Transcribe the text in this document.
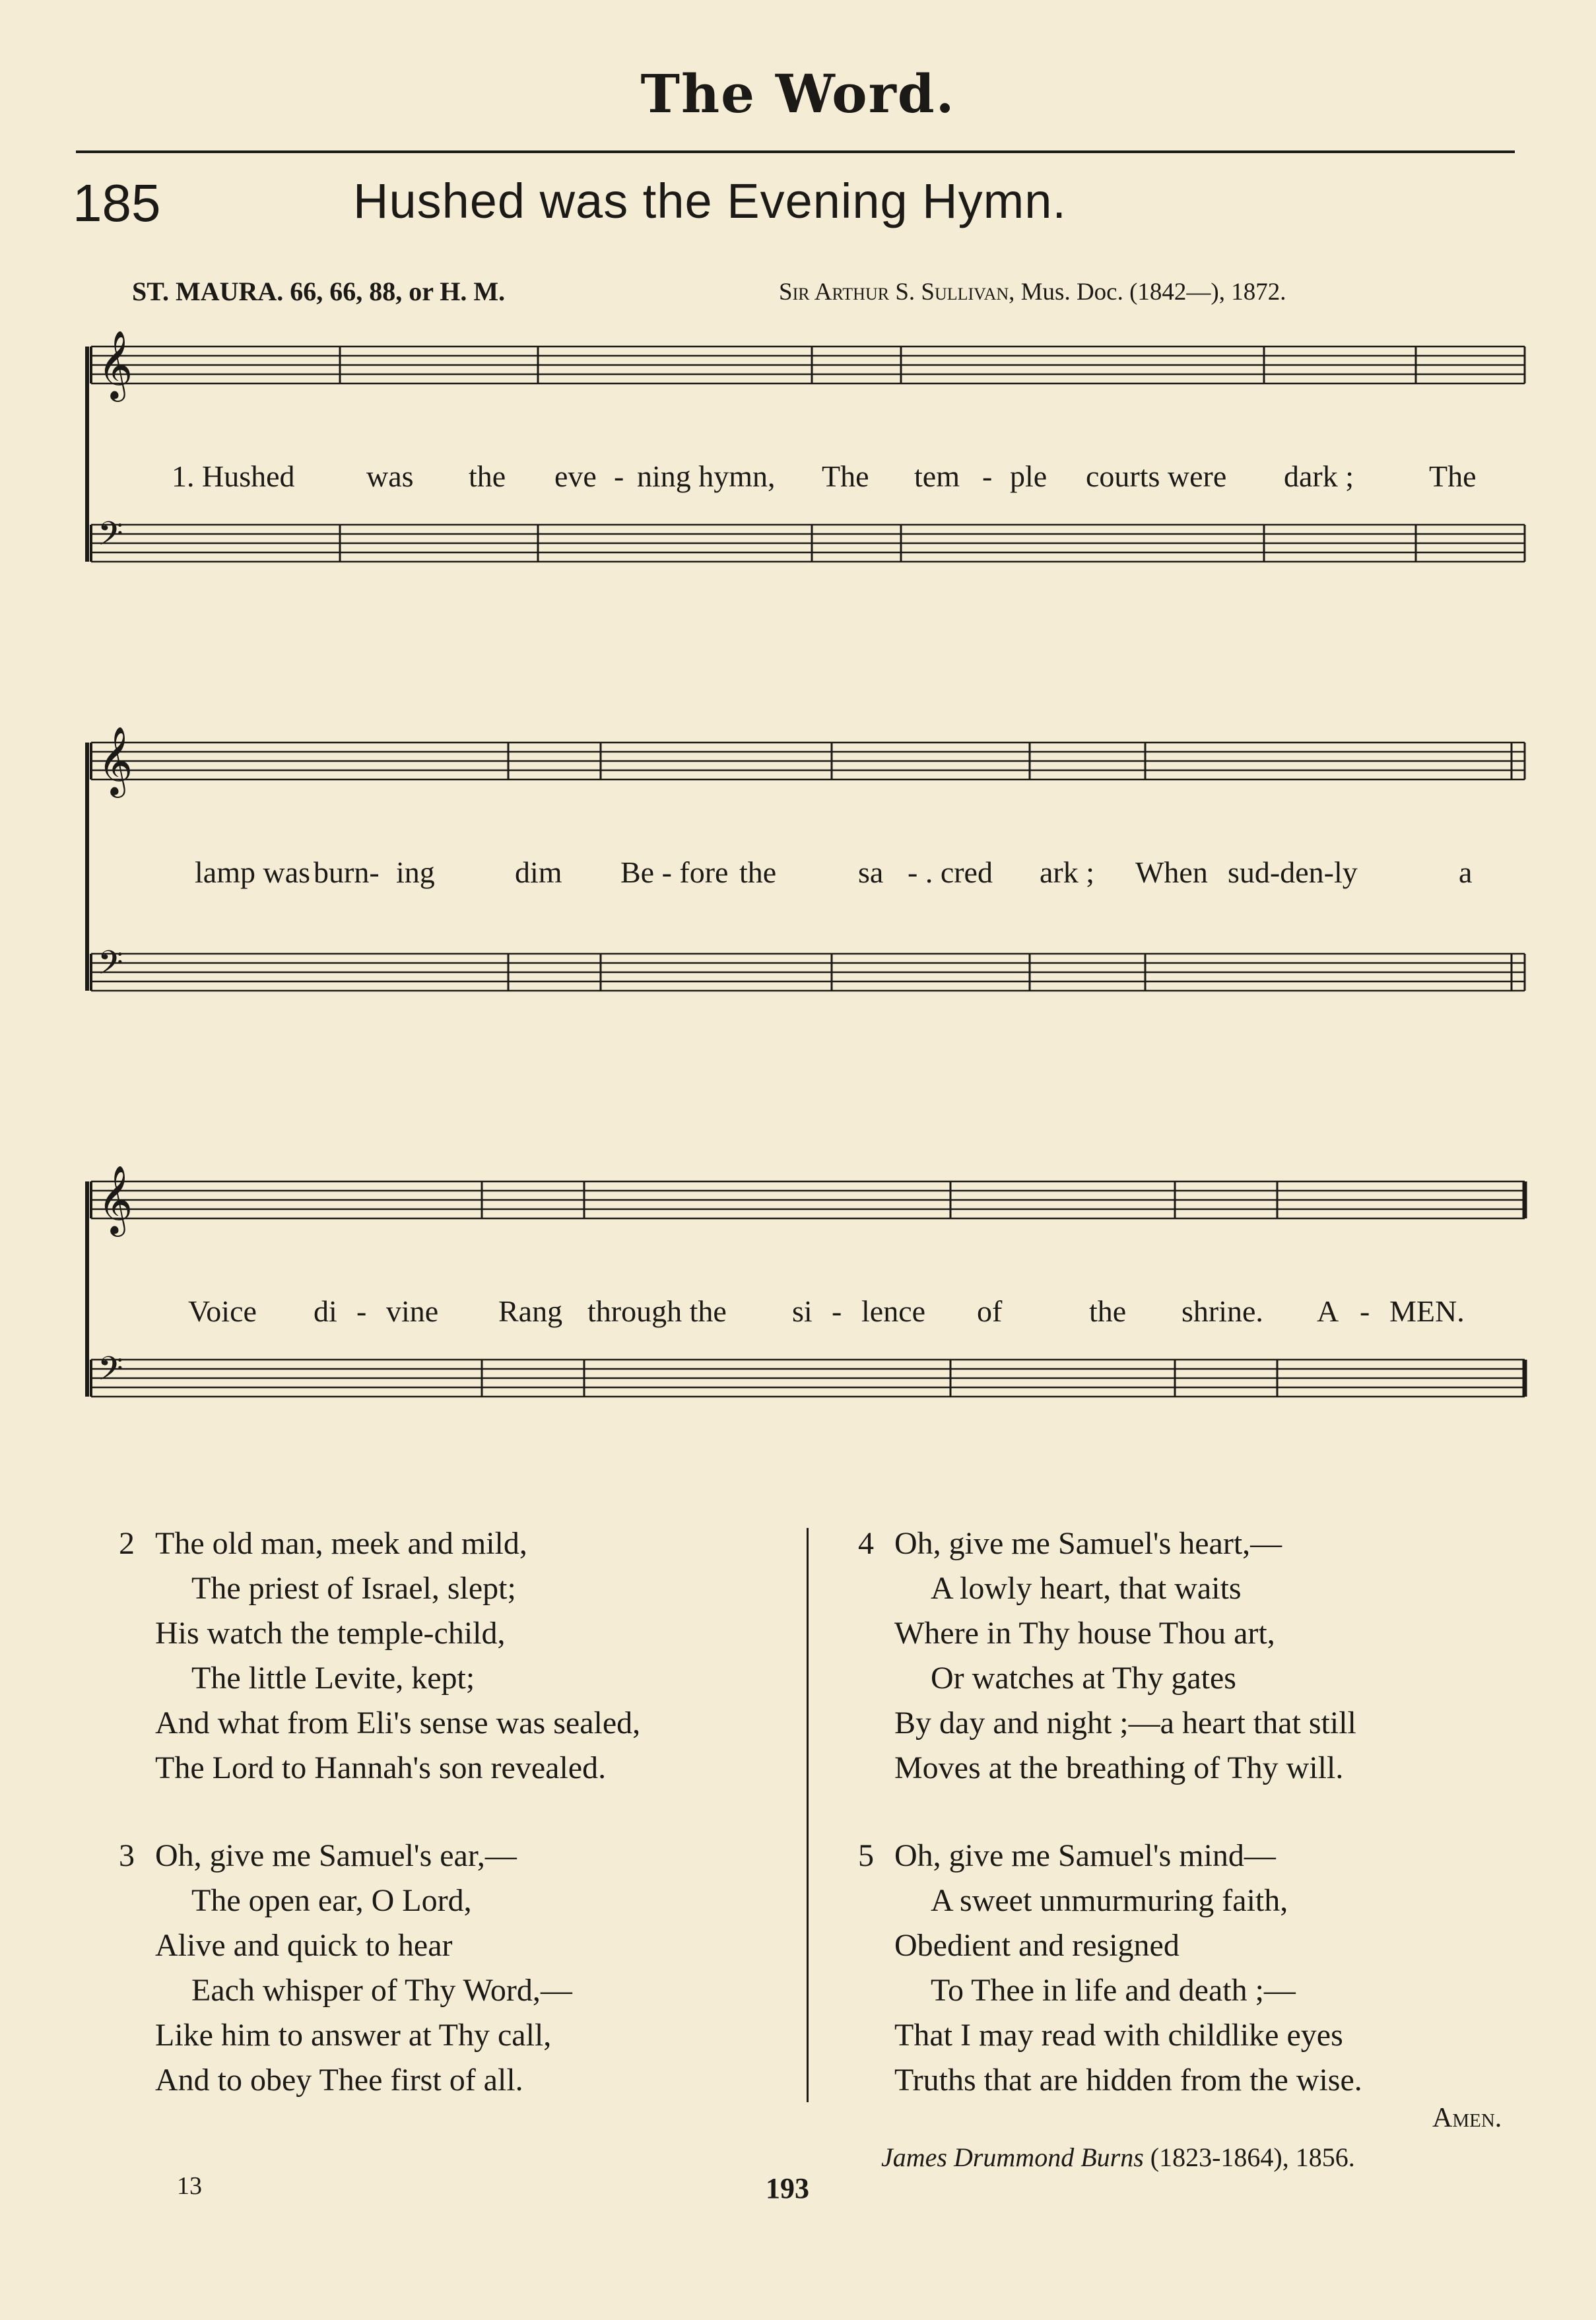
The Word.
185	Hushed was the Evening Hymn.
ST. MAURA. 66, 66, 88, or H. M.	Sir Arthur S. Sullivan, Mus. Doc. (1842—), 1872.
𝄞
𝄢
1. Hushed was the eve - ning hymn, The tem - ple courts were dark ; The
𝄞
𝄢
lamp was burn- ing	dim Be - fore the	sa - . cred ark ; When sud-den-ly	a
𝄞
𝄢
Voice di - vine Rang through the si - lence of	the shrine. A - MEN.
2 The old man, meek and mild,
The priest of Israel, slept;
His watch the temple-child,
The little Levite, kept;
And what from Eli's sense was sealed,
The Lord to Hannah's son revealed.
3 Oh, give me Samuel's ear,—
The open ear, O Lord,
Alive and quick to hear
Each whisper of Thy Word,—
Like him to answer at Thy call,
And to obey Thee first of all.
4 Oh, give me Samuel's heart,—
A lowly heart, that waits
Where in Thy house Thou art,
Or watches at Thy gates
By day and night ;—a heart that still
Moves at the breathing of Thy will.
5 Oh, give me Samuel's mind—
A sweet unmurmuring faith,
Obedient and resigned
To Thee in life and death ;—
That I may read with childlike eyes
Truths that are hidden from the wise.
Amen.
James Drummond Burns (1823-1864), 1856.
13	193
